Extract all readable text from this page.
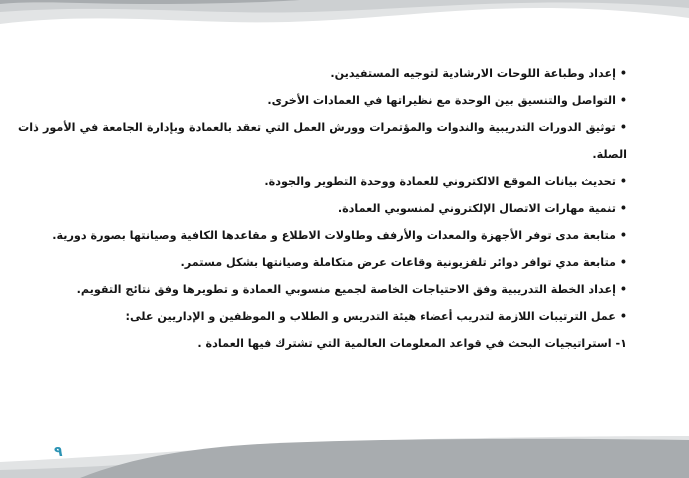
• إعداد وطباعة اللوحات الارشادية لتوجيه المستفيدين.

• التواصل والتنسيق بين الوحدة مع نظيراتها في العمادات الأخرى.

• توثيق الدورات التدريبية والندوات والمؤتمرات وورش العمل التي تعقد بالعمادة وبإدارة الجامعة في الأمور ذات الصلة.

• تحديث بيانات الموقع الالكتروني للعمادة ووحدة التطوير والجودة.

• تنمية مهارات الاتصال الإلكتروني لمنسوبي العمادة.

• متابعة مدى توفر الأجهزة والمعدات والأرفف وطاولات الاطلاع و مقاعدها الكافية وصيانتها بصورة دورية.

• متابعة مدي توافر دوائر تلفزيونية وقاعات عرض متكاملة وصيانتها بشكل مستمر.

• إعداد الخطة التدريبية وفق الاحتياجات الخاصة لجميع منسوبي العمادة و تطويرها وفق نتائج التقويم.

• عمل الترتيبات اللازمة لتدريب أعضاء هيئة التدريس و الطلاب و الموظفين و الإداريين على:

١- استراتيجيات البحث في قواعد المعلومات العالمية التي تشترك فيها العمادة .

٩
